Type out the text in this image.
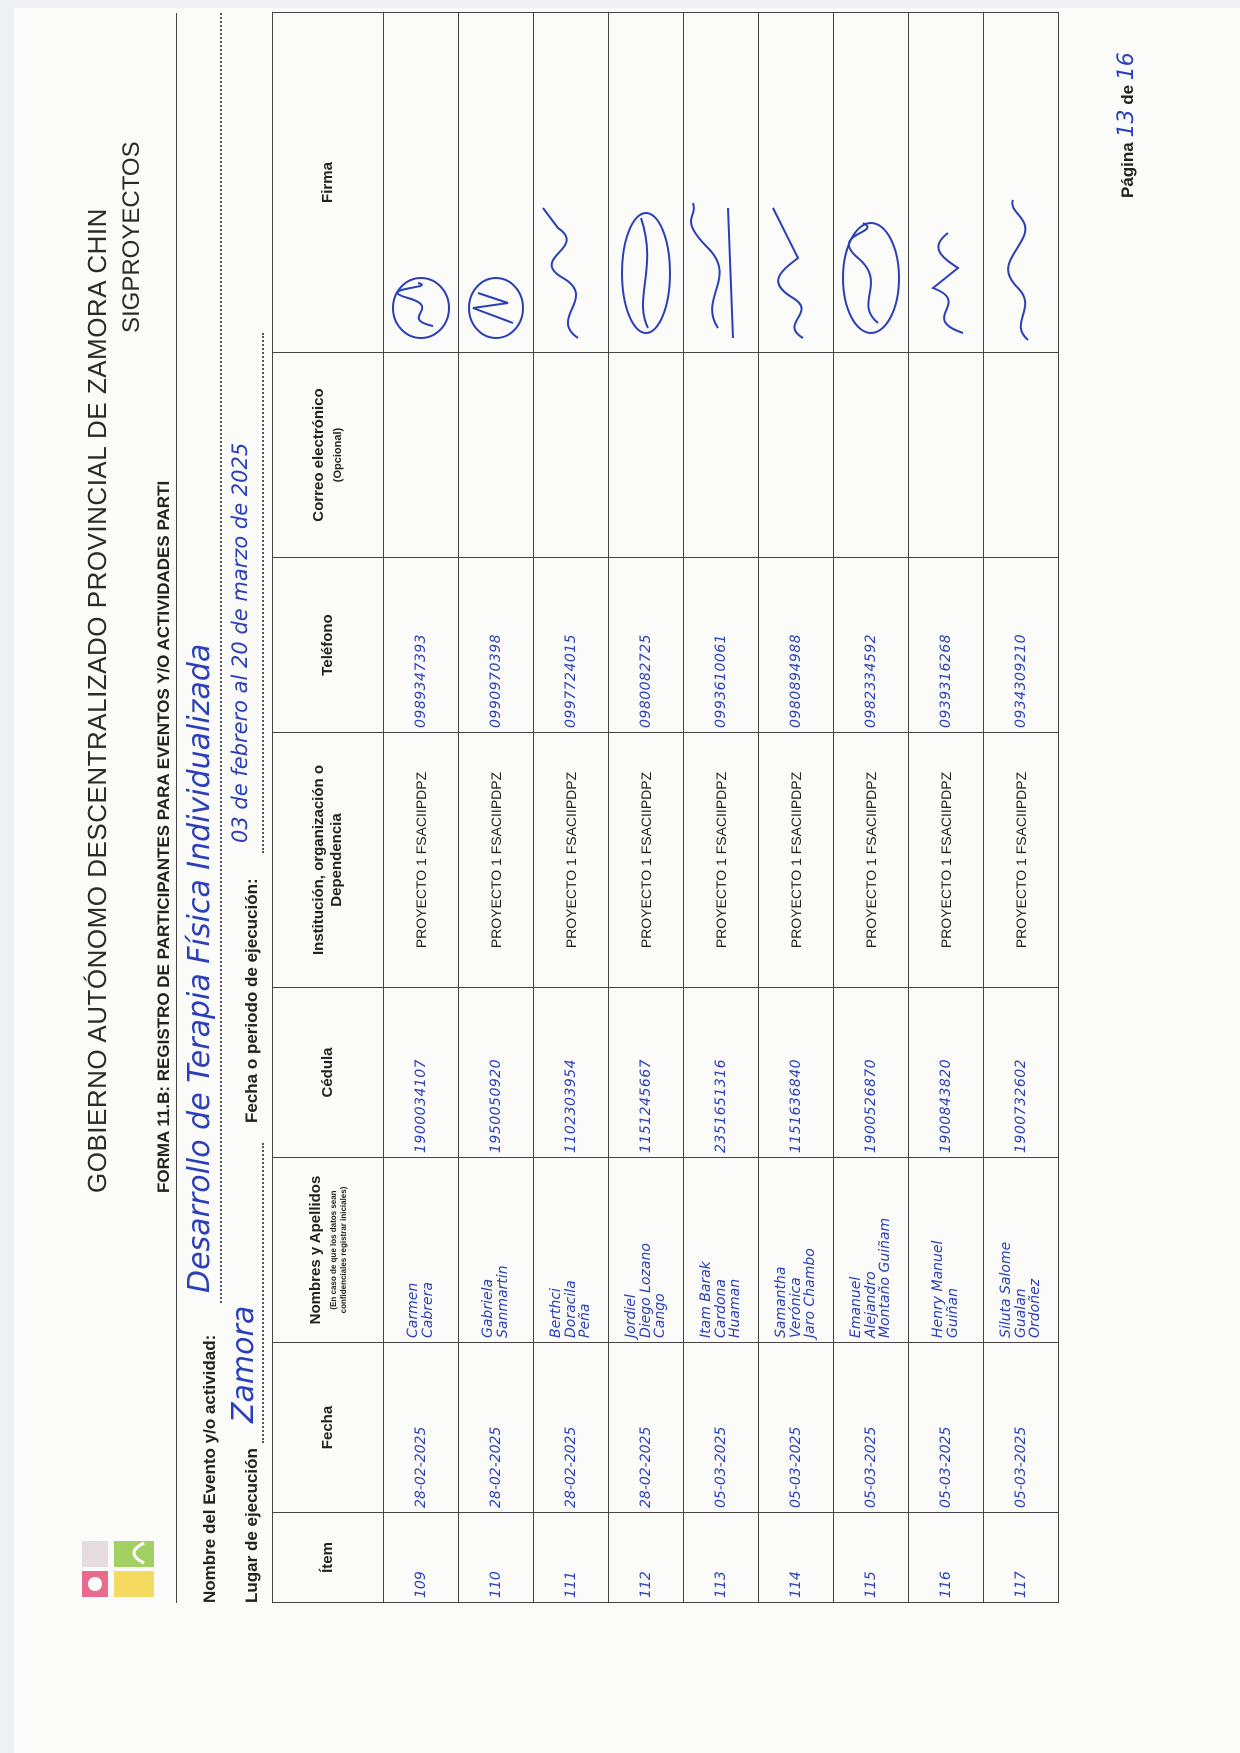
GOBIERNO AUTÓNOMO DESCENTRALIZADO PROVINCIAL DE ZAMORA CHIN SIGPROYECTOS
FORMA 11.B: REGISTRO DE PARTICIPANTES PARA EVENTOS Y/O ACTIVIDADES PARTI
Nombre del Evento y/o actividad:
Desarrollo de Terapia Física Individualizada
Lugar de ejecución
Zamora
Fecha o periodo de ejecución:
03 de febrero al 20 de marzo de 2025
Ítem	Fecha	Nombres y Apellidos (En caso de que los datos sean confidenciales registrar iniciales)	Cédula	Institución, organización o Dependencia	Teléfono	Correo electrónico (Opcional)	Firma
109	28-02-2025	Carmen
Cabrera	1900034107	PROYECTO 1 FSACIIPDPZ	0989347393		

110	28-02-2025	Gabriela
Sanmartin	1950050920	PROYECTO 1 FSACIIPDPZ	0990970398		

111	28-02-2025	Berthci
Doracila
Peña	1102303954	PROYECTO 1 FSACIIPDPZ	0997724015		

112	28-02-2025	Jordiel
Diego Lozano
Cango	1151245667	PROYECTO 1 FSACIIPDPZ	0980082725		

113	05-03-2025	Itam Barak
Cardona
Huaman	2351651316	PROYECTO 1 FSACIIPDPZ	0993610061		

114	05-03-2025	Samantha
Verónica
Jaro Chambo	1151636840	PROYECTO 1 FSACIIPDPZ	0980894988		

115	05-03-2025	Emanuel
Alejandro
Montaño Guiñam	1900526870	PROYECTO 1 FSACIIPDPZ	0982334592		

116	05-03-2025	Henry Manuel
Guiñan	1900843820	PROYECTO 1 FSACIIPDPZ	0939316268		

117	05-03-2025	Siluta Salome
Gualan
Ordoñez	1900732602	PROYECTO 1 FSACIIPDPZ	0934309210		
Página 13 de 16
